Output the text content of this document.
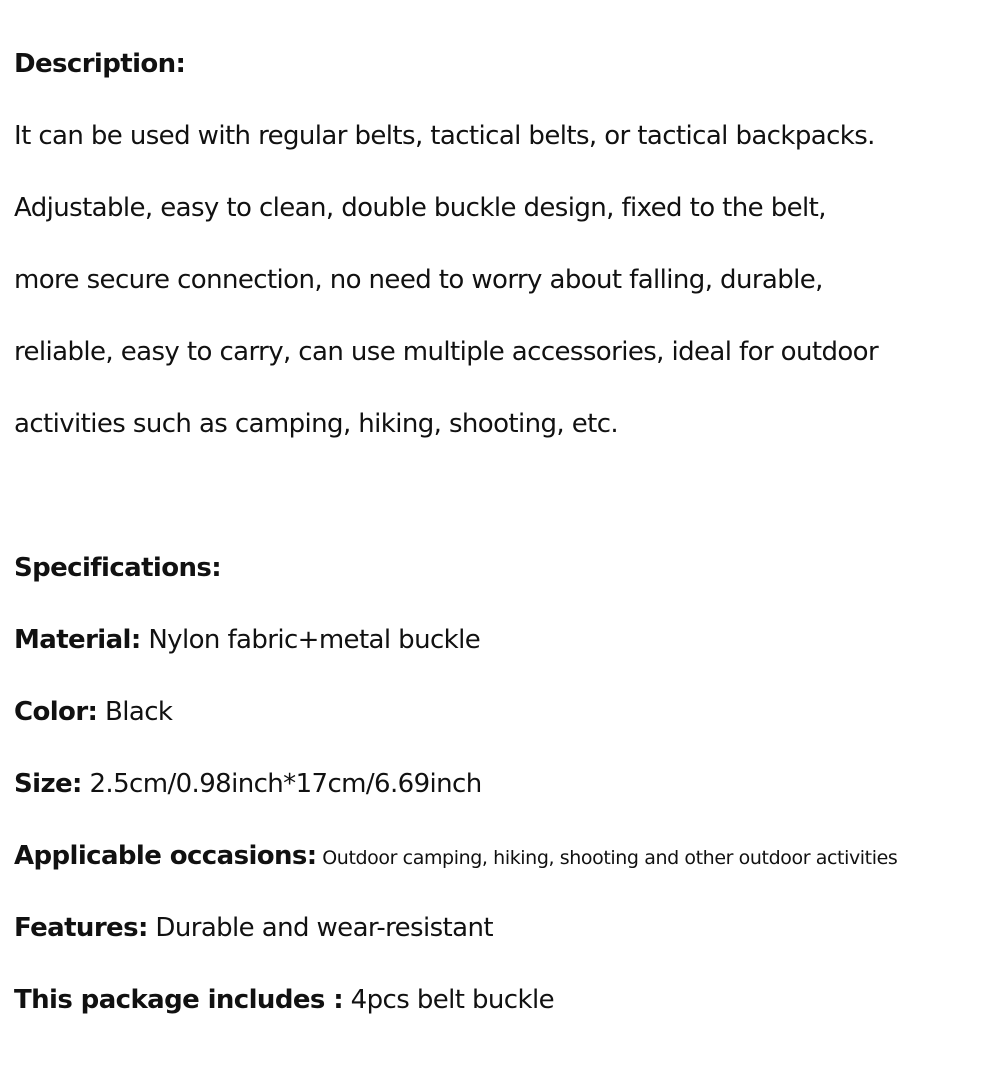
Description:
It can be used with regular belts, tactical belts, or tactical backpacks.
Adjustable, easy to clean, double buckle design, fixed to the belt,
more secure connection, no need to worry about falling, durable,
reliable, easy to carry, can use multiple accessories, ideal for outdoor
activities such as camping, hiking, shooting, etc.
Specifications:
Material: Nylon fabric+metal buckle
Color: Black
Size: 2.5cm/0.98inch*17cm/6.69inch
Applicable occasions: Outdoor camping, hiking, shooting and other outdoor activities
Features: Durable and wear-resistant
This package includes : 4pcs belt buckle
